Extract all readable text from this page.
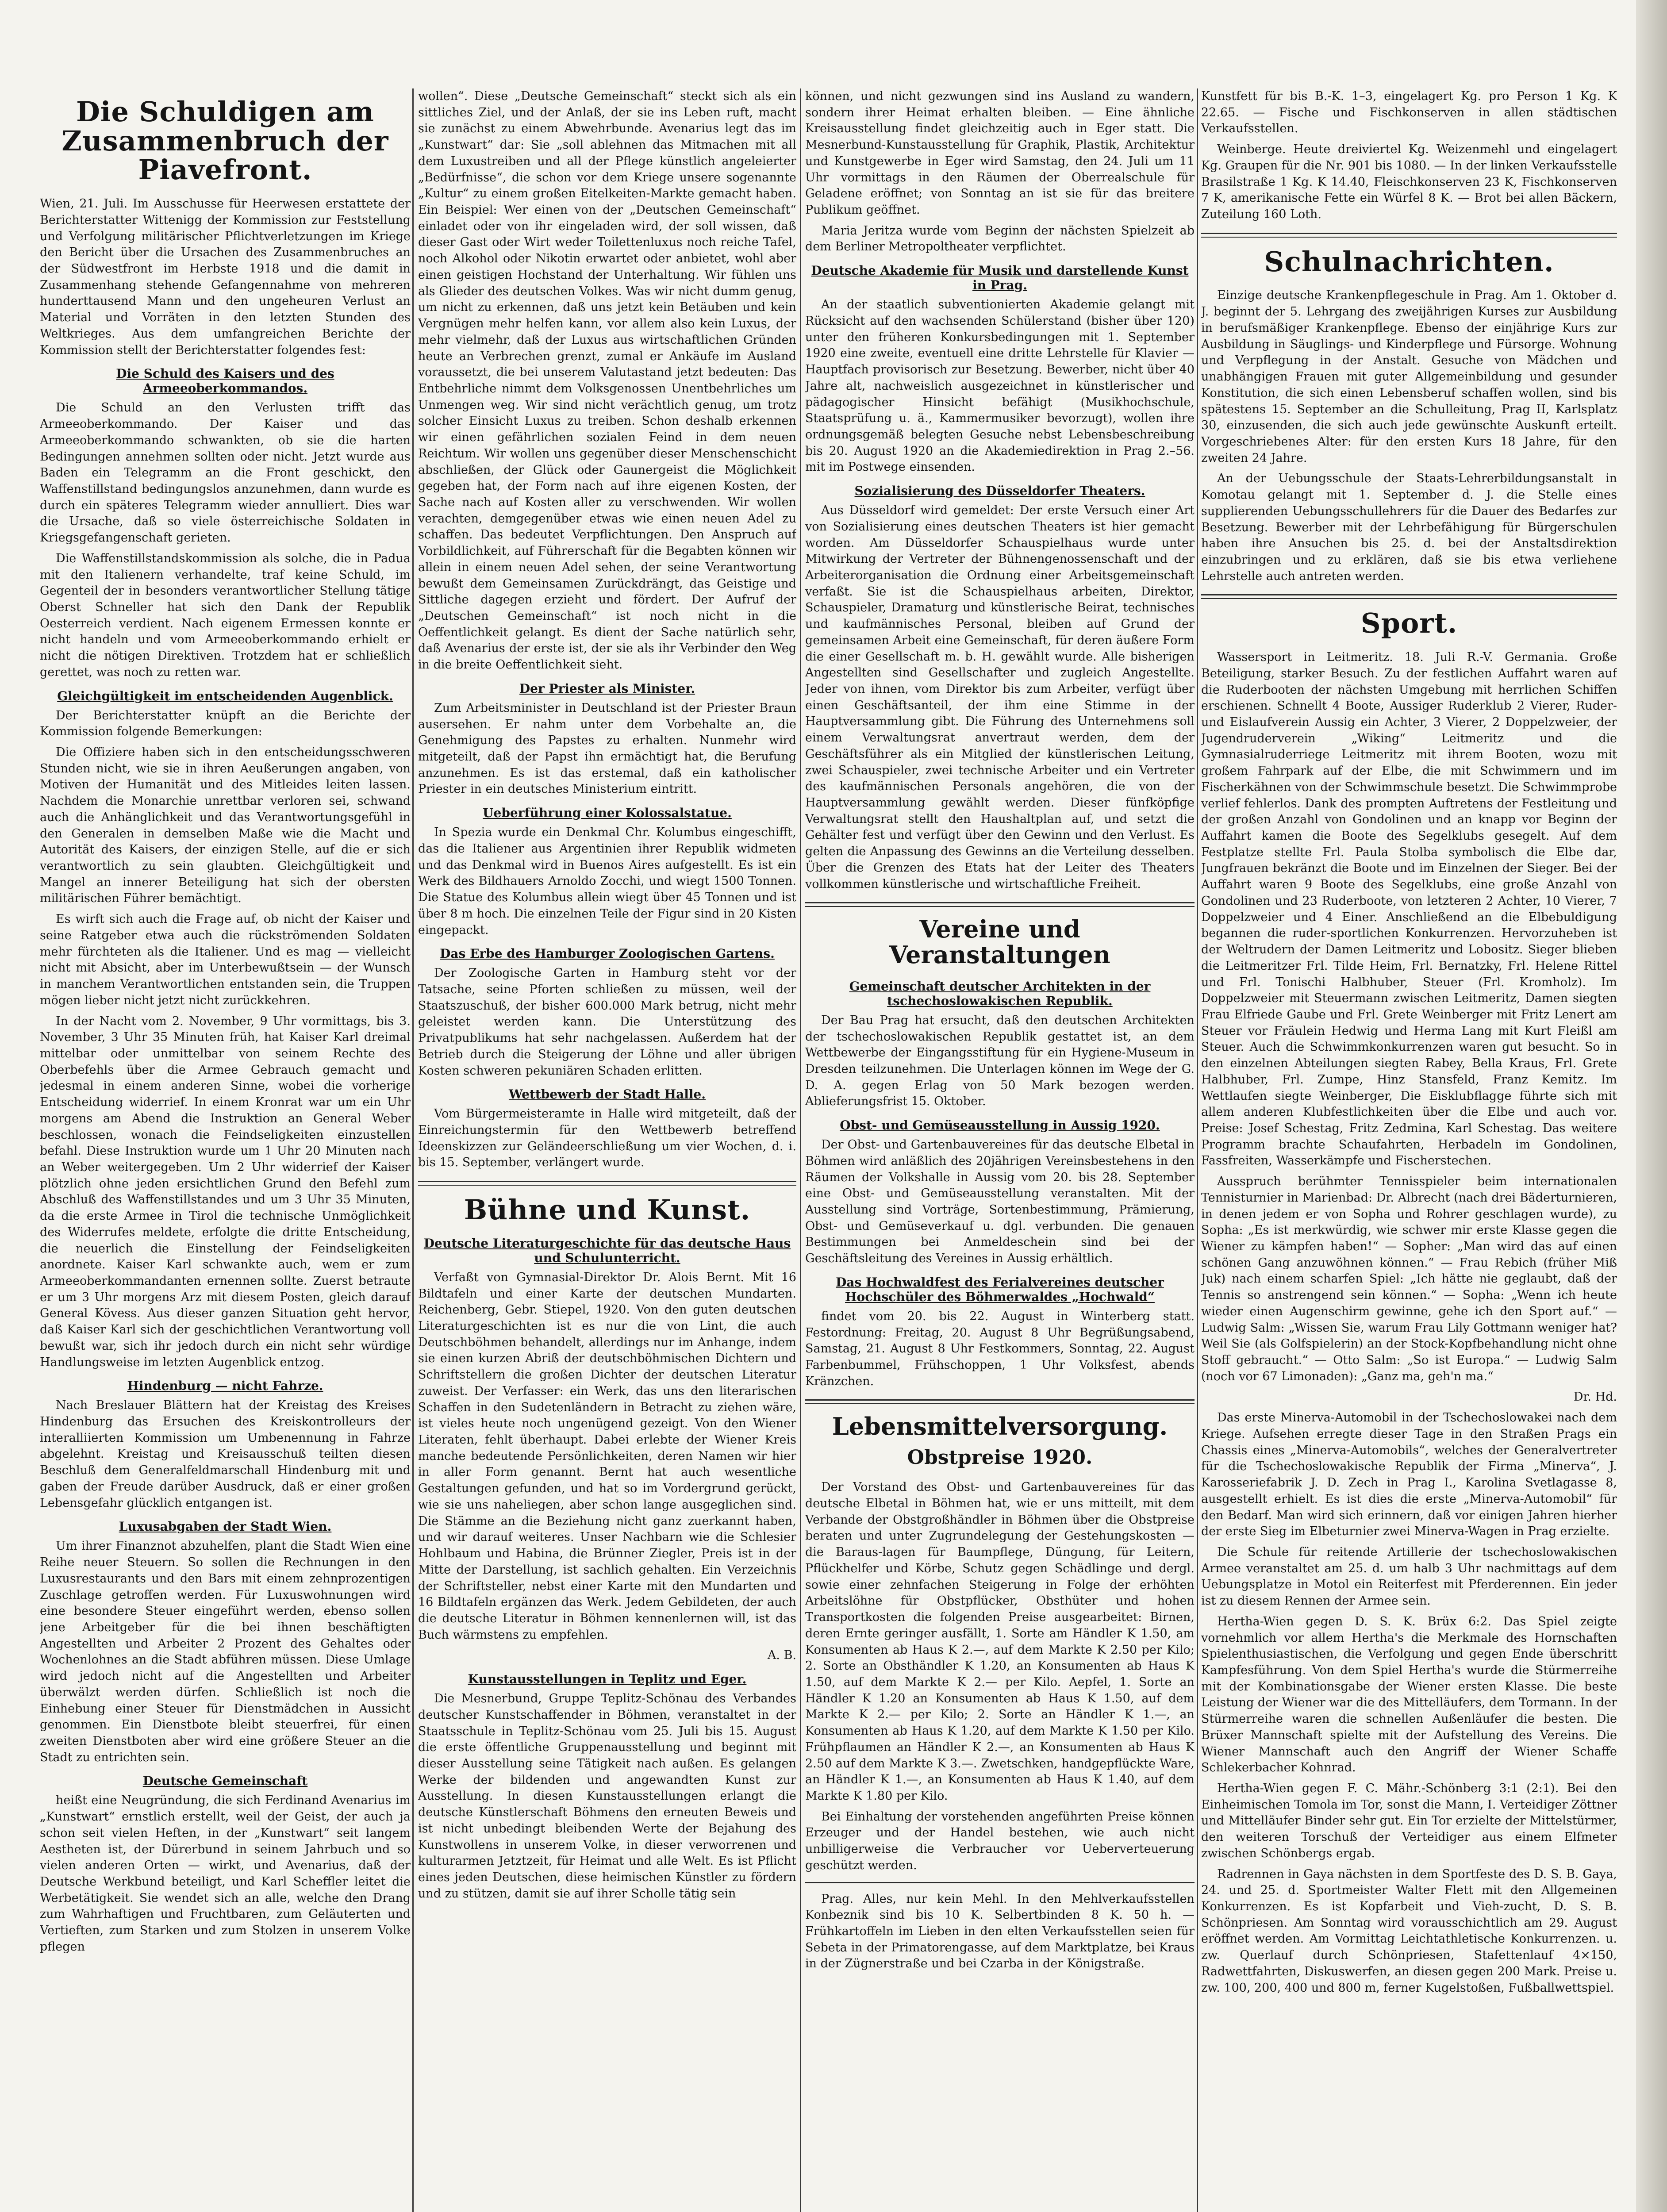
Die Schuldigen am Zusammenbruch der Piavefront.

Wien, 21. Juli. Im Ausschusse für Heerwesen erstattete der Berichterstatter Wittenigg der Kommission zur Feststellung und Verfolgung militärischer Pflichtverletzungen im Kriege den Bericht über die Ursachen des Zusammenbruches an der Südwestfront im Herbste 1918 und die damit in Zusammenhang stehende Gefangennahme von mehreren hunderttausend Mann und den ungeheuren Verlust an Material und Vorräten in den letzten Stunden des Weltkrieges. Aus dem umfangreichen Berichte der Kommission stellt der Berichterstatter folgendes fest:

Die Schuld des Kaisers und des Armeeoberkommandos.

Die Schuld an den Verlusten trifft das Armeeoberkommando. Der Kaiser und das Armeeoberkommando schwankten, ob sie die harten Bedingungen annehmen sollten oder nicht. Jetzt wurde aus Baden ein Telegramm an die Front geschickt, den Waffenstillstand bedingungslos anzunehmen, dann wurde es durch ein späteres Telegramm wieder annulliert. Dies war die Ursache, daß so viele österreichische Soldaten in Kriegsgefangenschaft gerieten.

Die Waffenstillstandskommission als solche, die in Padua mit den Italienern verhandelte, traf keine Schuld, im Gegenteil der in besonders verantwortlicher Stellung tätige Oberst Schneller hat sich den Dank der Republik Oesterreich verdient. Nach eigenem Ermessen konnte er nicht handeln und vom Armeeoberkommando erhielt er nicht die nötigen Direktiven. Trotzdem hat er schließlich gerettet, was noch zu retten war.

Gleichgültigkeit im entscheidenden Augenblick.

Der Berichterstatter knüpft an die Berichte der Kommission folgende Bemerkungen:

Die Offiziere haben sich in den entscheidungsschweren Stunden nicht, wie sie in ihren Aeußerungen angaben, von Motiven der Humanität und des Mitleides leiten lassen. Nachdem die Monarchie unrettbar verloren sei, schwand auch die Anhänglichkeit und das Verantwortungsgefühl in den Generalen in demselben Maße wie die Macht und Autorität des Kaisers, der einzigen Stelle, auf die er sich verantwortlich zu sein glaubten. Gleichgültigkeit und Mangel an innerer Beteiligung hat sich der obersten militärischen Führer bemächtigt.

Es wirft sich auch die Frage auf, ob nicht der Kaiser und seine Ratgeber etwa auch die rückströmenden Soldaten mehr fürchteten als die Italiener. Und es mag — vielleicht nicht mit Absicht, aber im Unterbewußtsein — der Wunsch in manchem Verantwortlichen entstanden sein, die Truppen mögen lieber nicht jetzt nicht zurückkehren.

In der Nacht vom 2. November, 9 Uhr vormittags, bis 3. November, 3 Uhr 35 Minuten früh, hat Kaiser Karl dreimal mittelbar oder unmittelbar von seinem Rechte des Oberbefehls über die Armee Gebrauch gemacht und jedesmal in einem anderen Sinne, wobei die vorherige Entscheidung widerrief. In einem Kronrat war um ein Uhr morgens am Abend die Instruktion an General Weber beschlossen, wonach die Feindseligkeiten einzustellen befahl. Diese Instruktion wurde um 1 Uhr 20 Minuten nach an Weber weitergegeben. Um 2 Uhr widerrief der Kaiser plötzlich ohne jeden ersichtlichen Grund den Befehl zum Abschluß des Waffenstillstandes und um 3 Uhr 35 Minuten, da die erste Armee in Tirol die technische Unmöglichkeit des Widerrufes meldete, erfolgte die dritte Entscheidung, die neuerlich die Einstellung der Feindseligkeiten anordnete. Kaiser Karl schwankte auch, wem er zum Armeeoberkommandanten ernennen sollte. Zuerst betraute er um 3 Uhr morgens Arz mit diesem Posten, gleich darauf General Kövess. Aus dieser ganzen Situation geht hervor, daß Kaiser Karl sich der geschichtlichen Verantwortung voll bewußt war, sich ihr jedoch durch ein nicht sehr würdige Handlungsweise im letzten Augenblick entzog.

Hindenburg — nicht Fahrze.

Nach Breslauer Blättern hat der Kreistag des Kreises Hindenburg das Ersuchen des Kreiskontrolleurs der interalliierten Kommission um Umbenennung in Fahrze abgelehnt. Kreistag und Kreisausschuß teilten diesen Beschluß dem Generalfeldmarschall Hindenburg mit und gaben der Freude darüber Ausdruck, daß er einer großen Lebensgefahr glücklich entgangen ist.

Luxusabgaben der Stadt Wien.

Um ihrer Finanznot abzuhelfen, plant die Stadt Wien eine Reihe neuer Steuern. So sollen die Rechnungen in den Luxusrestaurants und den Bars mit einem zehnprozentigen Zuschlage getroffen werden. Für Luxuswohnungen wird eine besondere Steuer eingeführt werden, ebenso sollen jene Arbeitgeber für die bei ihnen beschäftigten Angestellten und Arbeiter 2 Prozent des Gehaltes oder Wochenlohnes an die Stadt abführen müssen. Diese Umlage wird jedoch nicht auf die Angestellten und Arbeiter überwälzt werden dürfen. Schließlich ist noch die Einhebung einer Steuer für Dienstmädchen in Aussicht genommen. Ein Dienstbote bleibt steuerfrei, für einen zweiten Dienstboten aber wird eine größere Steuer an die Stadt zu entrichten sein.

Deutsche Gemeinschaft

heißt eine Neugründung, die sich Ferdinand Avenarius im „Kunstwart“ ernstlich erstellt, weil der Geist, der auch ja schon seit vielen Heften, in der „Kunstwart“ seit langem Aestheten ist, der Dürerbund in seinem Jahrbuch und so vielen anderen Orten — wirkt, und Avenarius, daß der Deutsche Werkbund beteiligt, und Karl Scheffler leitet die Werbetätigkeit. Sie wendet sich an alle, welche den Drang zum Wahrhaftigen und Fruchtbaren, zum Geläuterten und Vertieften, zum Starken und zum Stolzen in unserem Volke pflegen

wollen“. Diese „Deutsche Gemeinschaft“ steckt sich als ein sittliches Ziel, und der Anlaß, der sie ins Leben ruft, macht sie zunächst zu einem Abwehrbunde. Avenarius legt das im „Kunstwart“ dar: Sie „soll ablehnen das Mitmachen mit all dem Luxustreiben und all der Pflege künstlich angeleierter „Bedürfnisse“, die schon vor dem Kriege unsere sogenannte „Kultur“ zu einem großen Eitelkeiten-Markte gemacht haben. Ein Beispiel: Wer einen von der „Deutschen Gemeinschaft“ einladet oder von ihr eingeladen wird, der soll wissen, daß dieser Gast oder Wirt weder Toilettenluxus noch reiche Tafel, noch Alkohol oder Nikotin erwartet oder anbietet, wohl aber einen geistigen Hochstand der Unterhaltung. Wir fühlen uns als Glieder des deutschen Volkes. Was wir nicht dumm genug, um nicht zu erkennen, daß uns jetzt kein Betäuben und kein Vergnügen mehr helfen kann, vor allem also kein Luxus, der mehr vielmehr, daß der Luxus aus wirtschaftlichen Gründen heute an Verbrechen grenzt, zumal er Ankäufe im Ausland voraussetzt, die bei unserem Valutastand jetzt bedeuten: Das Entbehrliche nimmt dem Volksgenossen Unentbehrliches um Unmengen weg. Wir sind nicht verächtlich genug, um trotz solcher Einsicht Luxus zu treiben. Schon deshalb erkennen wir einen gefährlichen sozialen Feind in dem neuen Reichtum. Wir wollen uns gegenüber dieser Menschenschicht abschließen, der Glück oder Gaunergeist die Möglichkeit gegeben hat, der Form nach auf ihre eigenen Kosten, der Sache nach auf Kosten aller zu verschwenden. Wir wollen verachten, demgegenüber etwas wie einen neuen Adel zu schaffen. Das bedeutet Verpflichtungen. Den Anspruch auf Vorbildlichkeit, auf Führerschaft für die Begabten können wir allein in einem neuen Adel sehen, der seine Verantwortung bewußt dem Gemeinsamen Zurückdrängt, das Geistige und Sittliche dagegen erzieht und fördert. Der Aufruf der „Deutschen Gemeinschaft“ ist noch nicht in die Oeffentlichkeit gelangt. Es dient der Sache natürlich sehr, daß Avenarius der erste ist, der sie als ihr Verbinder den Weg in die breite Oeffentlichkeit sieht.

Der Priester als Minister.

Zum Arbeitsminister in Deutschland ist der Priester Braun ausersehen. Er nahm unter dem Vorbehalte an, die Genehmigung des Papstes zu erhalten. Nunmehr wird mitgeteilt, daß der Papst ihn ermächtigt hat, die Berufung anzunehmen. Es ist das erstemal, daß ein katholischer Priester in ein deutsches Ministerium eintritt.

Ueberführung einer Kolossalstatue.

In Spezia wurde ein Denkmal Chr. Kolumbus eingeschifft, das die Italiener aus Argentinien ihrer Republik widmeten und das Denkmal wird in Buenos Aires aufgestellt. Es ist ein Werk des Bildhauers Arnoldo Zocchi, und wiegt 1500 Tonnen. Die Statue des Kolumbus allein wiegt über 45 Tonnen und ist über 8 m hoch. Die einzelnen Teile der Figur sind in 20 Kisten eingepackt.

Das Erbe des Hamburger Zoologischen Gartens.

Der Zoologische Garten in Hamburg steht vor der Tatsache, seine Pforten schließen zu müssen, weil der Staatszuschuß, der bisher 600.000 Mark betrug, nicht mehr geleistet werden kann. Die Unterstützung des Privatpublikums hat sehr nachgelassen. Außerdem hat der Betrieb durch die Steigerung der Löhne und aller übrigen Kosten schweren pekuniären Schaden erlitten.

Wettbewerb der Stadt Halle.

Vom Bürgermeisteramte in Halle wird mitgeteilt, daß der Einreichungstermin für den Wettbewerb betreffend Ideenskizzen zur Geländeerschließung um vier Wochen, d. i. bis 15. September, verlängert wurde.

Bühne und Kunst.
Deutsche Literaturgeschichte für das deutsche Haus und Schulunterricht.

Verfaßt von Gymnasial-Direktor Dr. Alois Bernt. Mit 16 Bildtafeln und einer Karte der deutschen Mundarten. Reichenberg, Gebr. Stiepel, 1920. Von den guten deutschen Literaturgeschichten ist es nur die von Lint, die auch Deutschböhmen behandelt, allerdings nur im Anhange, indem sie einen kurzen Abriß der deutschböhmischen Dichtern und Schriftstellern die großen Dichter der deutschen Literatur zuweist. Der Verfasser: ein Werk, das uns den literarischen Schaffen in den Sudetenländern in Betracht zu ziehen wäre, ist vieles heute noch ungenügend gezeigt. Von den Wiener Literaten, fehlt überhaupt. Dabei erlebte der Wiener Kreis manche bedeutende Persönlichkeiten, deren Namen wir hier in aller Form genannt. Bernt hat auch wesentliche Gestaltungen gefunden, und hat so im Vordergrund gerückt, wie sie uns naheliegen, aber schon lange ausgeglichen sind. Die Stämme an die Beziehung nicht ganz zuerkannt haben, und wir darauf weiteres. Unser Nachbarn wie die Schlesier Hohlbaum und Habina, die Brünner Ziegler, Preis ist in der Mitte der Darstellung, ist sachlich gehalten. Ein Verzeichnis der Schriftsteller, nebst einer Karte mit den Mundarten und 16 Bildtafeln ergänzen das Werk. Jedem Gebildeten, der auch die deutsche Literatur in Böhmen kennenlernen will, ist das Buch wärmstens zu empfehlen.

A. B.

Kunstausstellungen in Teplitz und Eger.

Die Mesnerbund, Gruppe Teplitz-Schönau des Verbandes deutscher Kunstschaffender in Böhmen, veranstaltet in der Staatsschule in Teplitz-Schönau vom 25. Juli bis 15. August die erste öffentliche Gruppenausstellung und beginnt mit dieser Ausstellung seine Tätigkeit nach außen. Es gelangen Werke der bildenden und angewandten Kunst zur Ausstellung. In diesen Kunstausstellungen erlangt die deutsche Künstlerschaft Böhmens den erneuten Beweis und ist nicht unbedingt bleibenden Werte der Bejahung des Kunstwollens in unserem Volke, in dieser verworrenen und kulturarmen Jetztzeit, für Heimat und alle Welt. Es ist Pflicht eines jeden Deutschen, diese heimischen Künstler zu fördern und zu stützen, damit sie auf ihrer Scholle tätig sein

können, und nicht gezwungen sind ins Ausland zu wandern, sondern ihrer Heimat erhalten bleiben. — Eine ähnliche Kreisausstellung findet gleichzeitig auch in Eger statt. Die Mesnerbund-Kunstausstellung für Graphik, Plastik, Architektur und Kunstgewerbe in Eger wird Samstag, den 24. Juli um 11 Uhr vormittags in den Räumen der Oberrealschule für Geladene eröffnet; von Sonntag an ist sie für das breitere Publikum geöffnet.

Maria Jeritza wurde vom Beginn der nächsten Spielzeit ab dem Berliner Metropoltheater verpflichtet.

Deutsche Akademie für Musik und darstellende Kunst in Prag.

An der staatlich subventionierten Akademie gelangt mit Rücksicht auf den wachsenden Schülerstand (bisher über 120) unter den früheren Konkursbedingungen mit 1. September 1920 eine zweite, eventuell eine dritte Lehrstelle für Klavier — Hauptfach provisorisch zur Besetzung. Bewerber, nicht über 40 Jahre alt, nachweislich ausgezeichnet in künstlerischer und pädagogischer Hinsicht befähigt (Musikhochschule, Staatsprüfung u. ä., Kammermusiker bevorzugt), wollen ihre ordnungsgemäß belegten Gesuche nebst Lebensbeschreibung bis 20. August 1920 an die Akademiedirektion in Prag 2.–56. mit im Postwege einsenden.

Sozialisierung des Düsseldorfer Theaters.

Aus Düsseldorf wird gemeldet: Der erste Versuch einer Art von Sozialisierung eines deutschen Theaters ist hier gemacht worden. Am Düsseldorfer Schauspielhaus wurde unter Mitwirkung der Vertreter der Bühnengenossenschaft und der Arbeiterorganisation die Ordnung einer Arbeitsgemeinschaft verfaßt. Sie ist die Schauspielhaus arbeiten, Direktor, Schauspieler, Dramaturg und künstlerische Beirat, technisches und kaufmännisches Personal, bleiben auf Grund der gemeinsamen Arbeit eine Gemeinschaft, für deren äußere Form die einer Gesellschaft m. b. H. gewählt wurde. Alle bisherigen Angestellten sind Gesellschafter und zugleich Angestellte. Jeder von ihnen, vom Direktor bis zum Arbeiter, verfügt über einen Geschäftsanteil, der ihm eine Stimme in der Hauptversammlung gibt. Die Führung des Unternehmens soll einem Verwaltungsrat anvertraut werden, dem der Geschäftsführer als ein Mitglied der künstlerischen Leitung, zwei Schauspieler, zwei technische Arbeiter und ein Vertreter des kaufmännischen Personals angehören, die von der Hauptversammlung gewählt werden. Dieser fünfköpfige Verwaltungsrat stellt den Haushaltplan auf, und setzt die Gehälter fest und verfügt über den Gewinn und den Verlust. Es gelten die Anpassung des Gewinns an die Verteilung desselben. Über die Grenzen des Etats hat der Leiter des Theaters vollkommen künstlerische und wirtschaftliche Freiheit.

Vereine und Veranstaltungen
Gemeinschaft deutscher Architekten in der tschechoslowakischen Republik.

Der Bau Prag hat ersucht, daß den deutschen Architekten der tschechoslowakischen Republik gestattet ist, an dem Wettbewerbe der Eingangsstiftung für ein Hygiene-Museum in Dresden teilzunehmen. Die Unterlagen können im Wege der G. D. A. gegen Erlag von 50 Mark bezogen werden. Ablieferungsfrist 15. Oktober.

Obst- und Gemüseausstellung in Aussig 1920.

Der Obst- und Gartenbauvereines für das deutsche Elbetal in Böhmen wird anläßlich des 20jährigen Vereinsbestehens in den Räumen der Volkshalle in Aussig vom 20. bis 28. September eine Obst- und Gemüseausstellung veranstalten. Mit der Ausstellung sind Vorträge, Sortenbestimmung, Prämierung, Obst- und Gemüseverkauf u. dgl. verbunden. Die genauen Bestimmungen bei Anmeldeschein sind bei der Geschäftsleitung des Vereines in Aussig erhältlich.

Das Hochwaldfest des Ferialvereines deutscher Hochschüler des Böhmerwaldes „Hochwald“

findet vom 20. bis 22. August in Winterberg statt. Festordnung: Freitag, 20. August 8 Uhr Begrüßungsabend, Samstag, 21. August 8 Uhr Festkommers, Sonntag, 22. August Farbenbummel, Frühschoppen, 1 Uhr Volksfest, abends Kränzchen.

Lebensmittelversorgung.
Obstpreise 1920.

Der Vorstand des Obst- und Gartenbauvereines für das deutsche Elbetal in Böhmen hat, wie er uns mitteilt, mit dem Verbande der Obstgroßhändler in Böhmen über die Obstpreise beraten und unter Zugrundelegung der Gestehungskosten — die Baraus-lagen für Baumpflege, Düngung, für Leitern, Pflückhelfer und Körbe, Schutz gegen Schädlinge und dergl. sowie einer zehnfachen Steigerung in Folge der erhöhten Arbeitslöhne für Obstpflücker, Obsthüter und hohen Transportkosten die folgenden Preise ausgearbeitet: Birnen, deren Ernte geringer ausfällt, 1. Sorte am Händler K 1.50, am Konsumenten ab Haus K 2.—, auf dem Markte K 2.50 per Kilo; 2. Sorte an Obsthändler K 1.20, an Konsumenten ab Haus K 1.50, auf dem Markte K 2.— per Kilo. Aepfel, 1. Sorte an Händler K 1.20 an Konsumenten ab Haus K 1.50, auf dem Markte K 2.— per Kilo; 2. Sorte an Händler K 1.—, an Konsumenten ab Haus K 1.20, auf dem Markte K 1.50 per Kilo. Frühpflaumen an Händler K 2.—, an Konsumenten ab Haus K 2.50 auf dem Markte K 3.—. Zwetschken, handgepflückte Ware, an Händler K 1.—, an Konsumenten ab Haus K 1.40, auf dem Markte K 1.80 per Kilo.

Bei Einhaltung der vorstehenden angeführten Preise können Erzeuger und der Handel bestehen, wie auch nicht unbilligerweise die Verbraucher vor Ueberverteuerung geschützt werden.

Prag. Alles, nur kein Mehl. In den Mehlverkaufsstellen Konbeznik sind bis 10 K. Selbertbinden 8 K. 50 h. — Frühkartoffeln im Lieben in den elten Verkaufsstellen seien für Sebeta in der Primatorengasse, auf dem Marktplatze, bei Kraus in der Zügnerstraße und bei Czarba in der Königstraße.

Kunstfett für bis B.-K. 1–3, eingelagert Kg. pro Person 1 Kg. K 22.65. — Fische und Fischkonserven in allen städtischen Verkaufsstellen.

Weinberge. Heute dreiviertel Kg. Weizenmehl und eingelagert Kg. Graupen für die Nr. 901 bis 1080. — In der linken Verkaufsstelle Brasilstraße 1 Kg. K 14.40, Fleischkonserven 23 K, Fischkonserven 7 K, amerikanische Fette ein Würfel 8 K. — Brot bei allen Bäckern, Zuteilung 160 Loth.

Schulnachrichten.

Einzige deutsche Krankenpflegeschule in Prag. Am 1. Oktober d. J. beginnt der 5. Lehrgang des zweijährigen Kurses zur Ausbildung in berufsmäßiger Krankenpflege. Ebenso der einjährige Kurs zur Ausbildung in Säuglings- und Kinderpflege und Fürsorge. Wohnung und Verpflegung in der Anstalt. Gesuche von Mädchen und unabhängigen Frauen mit guter Allgemeinbildung und gesunder Konstitution, die sich einen Lebensberuf schaffen wollen, sind bis spätestens 15. September an die Schulleitung, Prag II, Karlsplatz 30, einzusenden, die sich auch jede gewünschte Auskunft erteilt. Vorgeschriebenes Alter: für den ersten Kurs 18 Jahre, für den zweiten 24 Jahre.

An der Uebungsschule der Staats-Lehrerbildungsanstalt in Komotau gelangt mit 1. September d. J. die Stelle eines supplierenden Uebungsschullehrers für die Dauer des Bedarfes zur Besetzung. Bewerber mit der Lehrbefähigung für Bürgerschulen haben ihre Ansuchen bis 25. d. bei der Anstaltsdirektion einzubringen und zu erklären, daß sie bis etwa verliehene Lehrstelle auch antreten werden.

Sport.

Wassersport in Leitmeritz. 18. Juli R.-V. Germania. Große Beteiligung, starker Besuch. Zu der festlichen Auffahrt waren auf die Ruderbooten der nächsten Umgebung mit herrlichen Schiffen erschienen. Schnellt 4 Boote, Aussiger Ruderklub 2 Vierer, Ruder- und Eislaufverein Aussig ein Achter, 3 Vierer, 2 Doppelzweier, der Jugendruderverein „Wiking“ Leitmeritz und die Gymnasialruderriege Leitmeritz mit ihrem Booten, wozu mit großem Fahrpark auf der Elbe, die mit Schwimmern und im Fischerkähnen von der Schwimmschule besetzt. Die Schwimmprobe verlief fehlerlos. Dank des prompten Auftretens der Festleitung und der großen Anzahl von Gondolinen und an knapp vor Beginn der Auffahrt kamen die Boote des Segelklubs gesegelt. Auf dem Festplatze stellte Frl. Paula Stolba symbolisch die Elbe dar, Jungfrauen bekränzt die Boote und im Einzelnen der Sieger. Bei der Auffahrt waren 9 Boote des Segelklubs, eine große Anzahl von Gondolinen und 23 Ruderboote, von letzteren 2 Achter, 10 Vierer, 7 Doppelzweier und 4 Einer. Anschließend an die Elbebuldigung begannen die ruder-sportlichen Konkurrenzen. Hervorzuheben ist der Weltrudern der Damen Leitmeritz und Lobositz. Sieger blieben die Leitmeritzer Frl. Tilde Heim, Frl. Bernatzky, Frl. Helene Rittel und Frl. Tonischi Halbhuber, Steuer (Frl. Kromholz). Im Doppelzweier mit Steuermann zwischen Leitmeritz, Damen siegten Frau Elfriede Gaube und Frl. Grete Weinberger mit Fritz Lenert am Steuer vor Fräulein Hedwig und Herma Lang mit Kurt Fleißl am Steuer. Auch die Schwimmkonkurrenzen waren gut besucht. So in den einzelnen Abteilungen siegten Rabey, Bella Kraus, Frl. Grete Halbhuber, Frl. Zumpe, Hinz Stansfeld, Franz Kemitz. Im Wettlaufen siegte Weinberger, Die Eisklubflagge führte sich mit allem anderen Klubfestlichkeiten über die Elbe und auch vor. Preise: Josef Schestag, Fritz Zedmina, Karl Schestag. Das weitere Programm brachte Schaufahrten, Herbadeln im Gondolinen, Fassfreiten, Wasserkämpfe und Fischerstechen.

Ausspruch berühmter Tennisspieler beim internationalen Tennisturnier in Marienbad: Dr. Albrecht (nach drei Bäderturnieren, in denen jedem er von Sopha und Rohrer geschlagen wurde), zu Sopha: „Es ist merkwürdig, wie schwer mir erste Klasse gegen die Wiener zu kämpfen haben!“ — Sopher: „Man wird das auf einen schönen Gang anzuwöhnen können.“ — Frau Rebich (früher Miß Juk) nach einem scharfen Spiel: „Ich hätte nie geglaubt, daß der Tennis so anstrengend sein können.“ — Sopha: „Wenn ich heute wieder einen Augenschirm gewinne, gehe ich den Sport auf.“ — Ludwig Salm: „Wissen Sie, warum Frau Lily Gottmann weniger hat? Weil Sie (als Golfspielerin) an der Stock-Kopfbehandlung nicht ohne Stoff gebraucht.“ — Otto Salm: „So ist Europa.“ — Ludwig Salm (noch vor 67 Limonaden): „Ganz ma, geh'n ma.“

Dr. Hd.

Das erste Minerva-Automobil in der Tschechoslowakei nach dem Kriege. Aufsehen erregte dieser Tage in den Straßen Prags ein Chassis eines „Minerva-Automobils“, welches der Generalvertreter für die Tschechoslowakische Republik der Firma „Minerva“, J. Karosseriefabrik J. D. Zech in Prag I., Karolina Svetlagasse 8, ausgestellt erhielt. Es ist dies die erste „Minerva-Automobil“ für den Bedarf. Man wird sich erinnern, daß vor einigen Jahren hierher der erste Sieg im Elbeturnier zwei Minerva-Wagen in Prag erzielte.

Die Schule für reitende Artillerie der tschechoslowakischen Armee veranstaltet am 25. d. um halb 3 Uhr nachmittags auf dem Uebungsplatze in Motol ein Reiterfest mit Pferderennen. Ein jeder ist zu diesem Rennen der Armee sein.

Hertha-Wien gegen D. S. K. Brüx 6:2. Das Spiel zeigte vornehmlich vor allem Hertha's die Merkmale des Hornschaften Spielenthusiastischen, die Verfolgung und gegen Ende überschritt Kampfesführung. Von dem Spiel Hertha's wurde die Stürmerreihe mit der Kombinationsgabe der Wiener ersten Klasse. Die beste Leistung der Wiener war die des Mittelläufers, dem Tormann. In der Stürmerreihe waren die schnellen Außenläufer die besten. Die Brüxer Mannschaft spielte mit der Aufstellung des Vereins. Die Wiener Mannschaft auch den Angriff der Wiener Schaffe Schlekerbacher Kohnrad.

Hertha-Wien gegen F. C. Mähr.-Schönberg 3:1 (2:1). Bei den Einheimischen Tomola im Tor, sonst die Mann, I. Verteidiger Zöttner und Mittelläufer Binder sehr gut. Ein Tor erzielte der Mittelstürmer, den weiteren Torschuß der Verteidiger aus einem Elfmeter zwischen Schönbergs ergab.

Radrennen in Gaya nächsten in dem Sportfeste des D. S. B. Gaya, 24. und 25. d. Sportmeister Walter Flett mit den Allgemeinen Konkurrenzen. Es ist Kopfarbeit und Vieh-zucht, D. S. B. Schönpriesen. Am Sonntag wird vorausschichtlich am 29. August eröffnet werden. Am Vormittag Leichtathletische Konkurrenzen. u. zw. Querlauf durch Schönpriesen, Stafettenlauf 4×150, Radwettfahrten, Diskuswerfen, an diesen gegen 200 Mark. Preise u. zw. 100, 200, 400 und 800 m, ferner Kugelstoßen, Fußballwettspiel.
